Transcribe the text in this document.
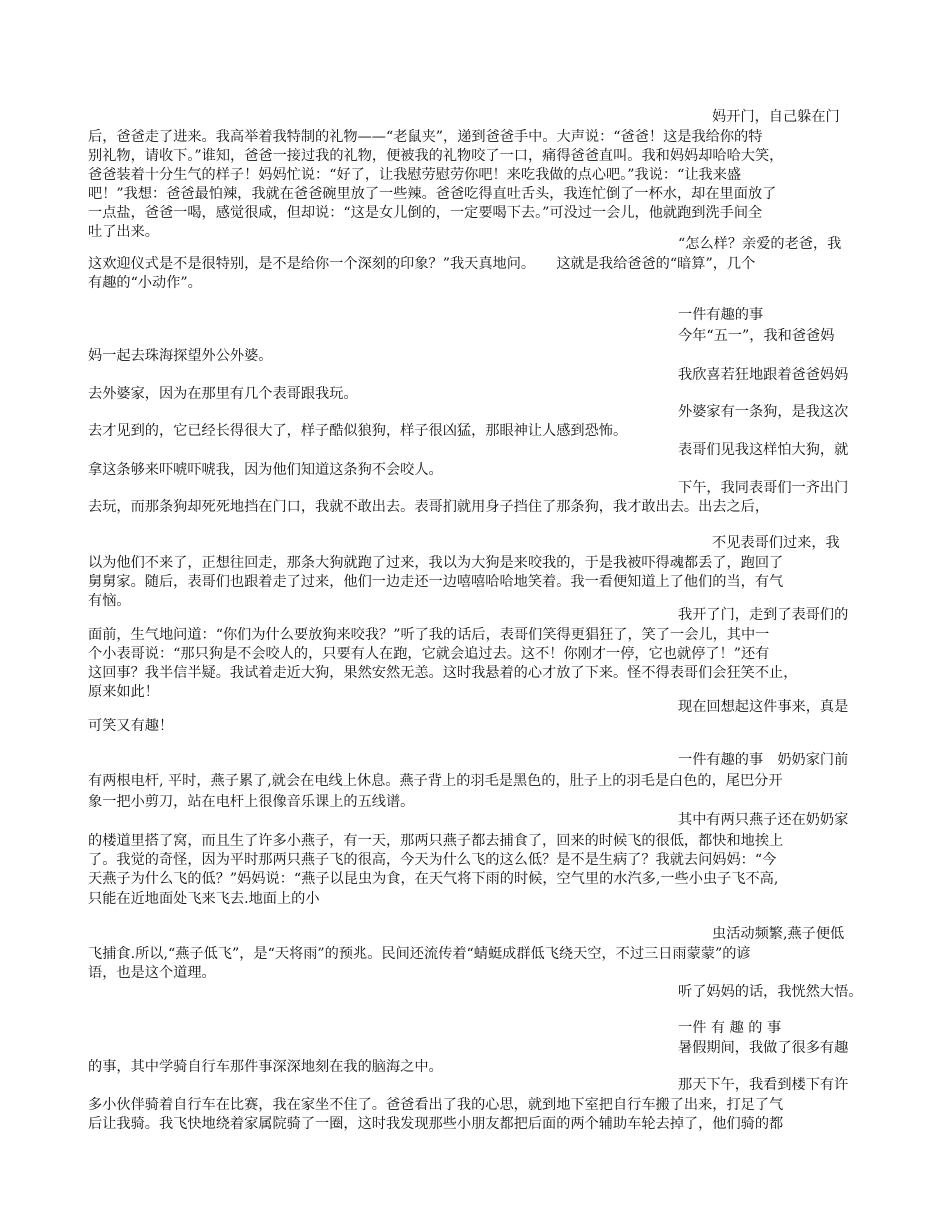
妈开门，自己躲在门
后，爸爸走了进来。我高举着我特制的礼物——“老鼠夹”，递到爸爸手中。大声说：“爸爸！这是我给你的特
别礼物，请收下。”谁知，爸爸一接过我的礼物，便被我的礼物咬了一口，痛得爸爸直叫。我和妈妈却哈哈大笑，
爸爸装着十分生气的样子！妈妈忙说：“好了，让我慰劳慰劳你吧！来吃我做的点心吧。”我说：“让我来盛
吧！”我想：爸爸最怕辣，我就在爸爸碗里放了一些辣。爸爸吃得直吐舌头，我连忙倒了一杯水，却在里面放了
一点盐，爸爸一喝，感觉很咸，但却说：“这是女儿倒的，一定要喝下去。”可没过一会儿，他就跑到洗手间全
吐了出来。
“怎么样？亲爱的老爸，我
这欢迎仪式是不是很特别，是不是给你一个深刻的印象？”我天真地问。　　这就是我给爸爸的“暗算”，几个
有趣的“小动作”。
一件有趣的事
今年“五一”，我和爸爸妈
妈一起去珠海探望外公外婆。
我欣喜若狂地跟着爸爸妈妈
去外婆家，因为在那里有几个表哥跟我玩。
外婆家有一条狗，是我这次
去才见到的，它已经长得很大了，样子酷似狼狗，样子很凶猛，那眼神让人感到恐怖。
表哥们见我这样怕大狗，就
拿这条够来吓唬吓唬我，因为他们知道这条狗不会咬人。
下午，我同表哥们一齐出门
去玩，而那条狗却死死地挡在门口，我就不敢出去。表哥扪就用身子挡住了那条狗，我才敢出去。出去之后，
不见表哥们过来，我
以为他们不来了，正想往回走，那条大狗就跑了过来，我以为大狗是来咬我的，于是我被吓得魂都丢了，跑回了
舅舅家。随后，表哥们也跟着走了过来，他们一边走还一边嘻嘻哈哈地笑着。我一看便知道上了他们的当，有气
有恼。
我开了门，走到了表哥们的
面前，生气地问道：“你们为什么要放狗来咬我？”听了我的话后，表哥们笑得更猖狂了，笑了一会儿，其中一
个小表哥说：“那只狗是不会咬人的，只要有人在跑，它就会追过去。这不！你刚才一停，它也就停了！”还有
这回事？我半信半疑。我试着走近大狗，果然安然无恙。这时我悬着的心才放了下来。怪不得表哥们会狂笑不止，
原来如此！
现在回想起这件事来，真是
可笑又有趣！
一件有趣的事　奶奶家门前
有两根电杆, 平时，燕子累了,就会在电线上休息。燕子背上的羽毛是黑色的，肚子上的羽毛是白色的，尾巴分开
象一把小剪刀，站在电杆上很像音乐课上的五线谱。
其中有两只燕子还在奶奶家
的楼道里搭了窝，而且生了许多小燕子，有一天，那两只燕子都去捕食了，回来的时候飞的很低，都快和地挨上
了。我觉的奇怪，因为平时那两只燕子飞的很高，今天为什么飞的这么低？是不是生病了？我就去问妈妈：“今
天燕子为什么飞的低？”妈妈说：“燕子以昆虫为食，在天气将下雨的时候，空气里的水汽多,一些小虫子飞不高,
只能在近地面处飞来飞去.地面上的小
虫活动频繁,燕子便低
飞捕食.所以,“燕子低飞”，是“天将雨”的预兆。民间还流传着“蜻蜓成群低飞绕天空，不过三日雨蒙蒙”的谚
语，也是这个道理。
听了妈妈的话，我恍然大悟。
一件 有 趣 的 事
暑假期间，我做了很多有趣
的事，其中学骑自行车那件事深深地刻在我的脑海之中。
那天下午，我看到楼下有许
多小伙伴骑着自行车在比赛，我在家坐不住了。爸爸看出了我的心思，就到地下室把自行车搬了出来，打足了气
后让我骑。我飞快地绕着家属院骑了一圈，这时我发现那些小朋友都把后面的两个辅助车轮去掉了，他们骑的都
